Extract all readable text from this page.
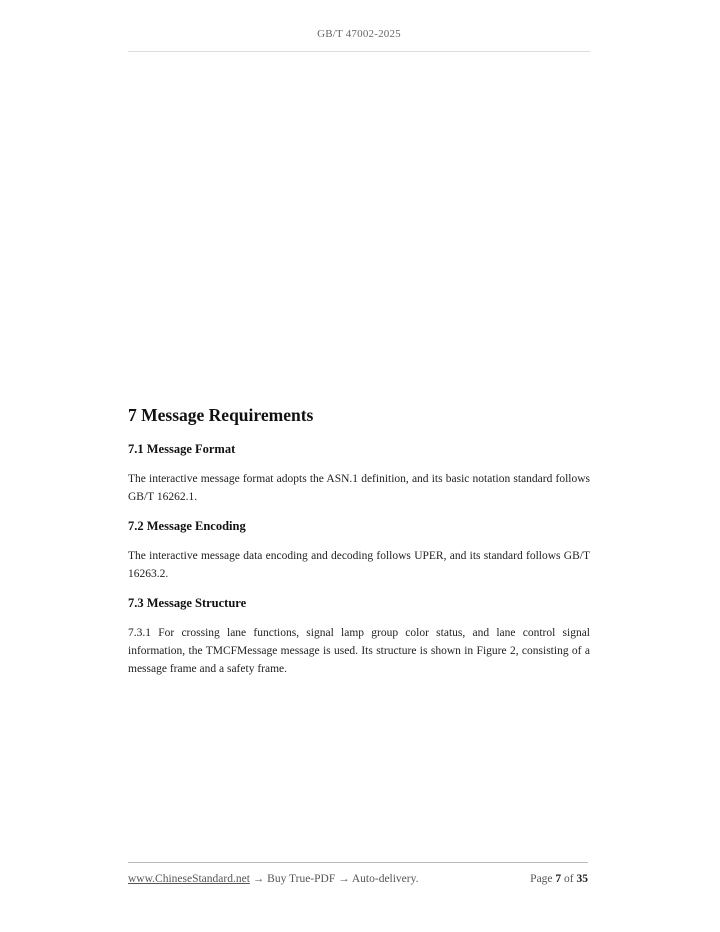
GB/T 47002-2025
7 Message Requirements
7.1 Message Format
The interactive message format adopts the ASN.1 definition, and its basic notation standard follows GB/T 16262.1.
7.2 Message Encoding
The interactive message data encoding and decoding follows UPER, and its standard follows GB/T 16263.2.
7.3 Message Structure
7.3.1 For crossing lane functions, signal lamp group color status, and lane control signal information, the TMCFMessage message is used. Its structure is shown in Figure 2, consisting of a message frame and a safety frame.
www.ChineseStandard.net → Buy True-PDF → Auto-delivery.	Page 7 of 35
